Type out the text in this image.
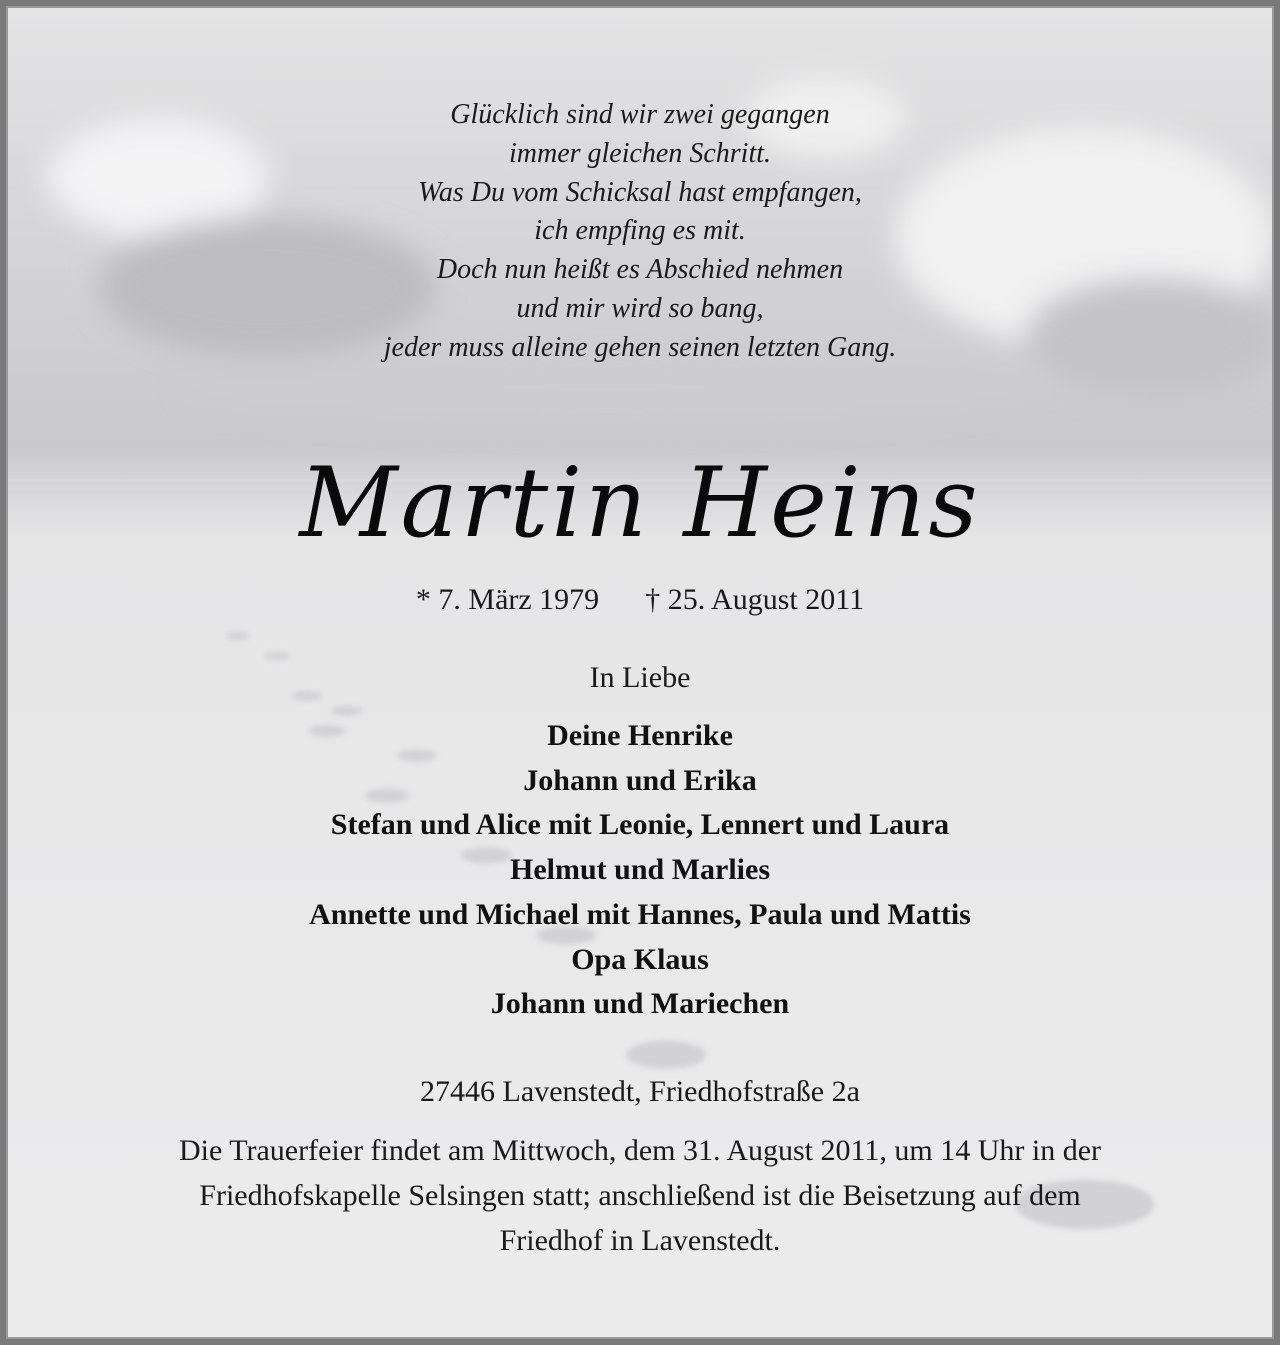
Glücklich sind wir zwei gegangen
immer gleichen Schritt.
Was Du vom Schicksal hast empfangen,
ich empfing es mit.
Doch nun heißt es Abschied nehmen
und mir wird so bang,
jeder muss alleine gehen seinen letzten Gang.
Martin Heins
* 7. März 1979 † 25. August 2011
In Liebe
Deine Henrike
Johann und Erika
Stefan und Alice mit Leonie, Lennert und Laura
Helmut und Marlies
Annette und Michael mit Hannes, Paula und Mattis
Opa Klaus
Johann und Mariechen
27446 Lavenstedt, Friedhofstraße 2a
Die Trauerfeier findet am Mittwoch, dem 31. August 2011, um 14 Uhr in der
Friedhofskapelle Selsingen statt; anschließend ist die Beisetzung auf dem
Friedhof in Lavenstedt.
